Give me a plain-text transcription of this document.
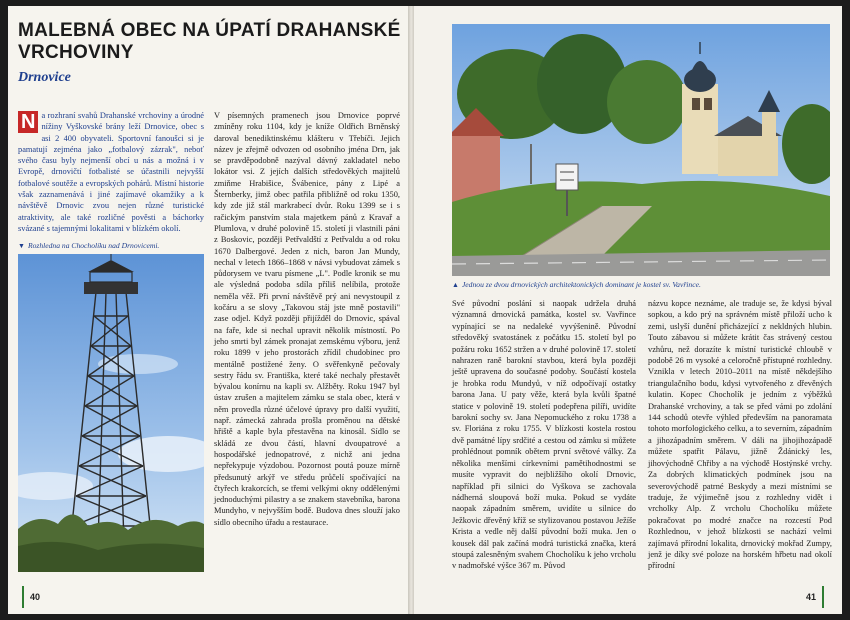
MALEBNÁ OBEC NA ÚPATÍ DRAHANSKÉ VRCHOVINY
Drnovice

N a rozhraní svahů Drahanské vrchoviny a úrodné nížiny Vyškovské brány leží Drnovice, obec s asi 2 400 obyvateli. Sportovní fanoušci si je pamatují zejména jako „fotbalový zázrak", neboť svého času byly nejmenší obcí u nás a možná i v Evropě, drnovičtí fotbalisté se účastnili nejvyšší fotbalové soutěže a evropských pohárů. Místní historie však zaznamenává i jiné zajímavé okamžiky a k návštěvě Drnovic zvou nejen různé turistické atraktivity, ale také rozličné pověsti a báchorky svázané s tajemnými lokalitami v blízkém okolí.

▼ Rozhledna na Chocholíku nad Drnovicemi.

V písemných pramenech jsou Drnovice poprvé zmíněny roku 1104, kdy je kníže Oldřich Brněnský daroval benediktinskému klášteru v Třebíči. Jejich název je zřejmě odvozen od osobního jména Drn, jak se pravděpodobně nazýval dávný zakladatel nebo lokátor vsi. Z jejích dalších středověkých majitelů zmiňme Hrabišice, Švábenice, pány z Lipé a Šternberky, jimž obec patřila přibližně od roku 1350, kdy zde již stál markrabecí dvůr. Roku 1399 se i s račickým panstvím stala majetkem pánů z Kravař a Plumlova, v druhé polovině 15. století ji vlastnili páni z Boskovic, později Petřvaldští z Petřvaldu a od roku 1670 Dalbergové. Jeden z nich, baron Jan Mundy, nechal v letech 1866–1868 v návsi vybudovat zámek s půdorysem ve tvaru písmene „L". Podle kronik se mu ale výsledná podoba sdíla příliš nelíbila, protože neměla věž. Při první návštěvě prý ani nevystoupil z kočáru a se slovy „Takovou stáj jste mně postavili" zase odjel. Když později přijížděl do Drnovic, spával na faře, kde si nechal upravit několik místností. Po jeho smrti byl zámek pronajat zemskému výboru, jenž roku 1899 v jeho prostorách zřídil chudobinec pro mentálně postižené ženy. O svěřenkyně pečovaly sestry řádu sv. Františka, které také nechaly přestavět bývalou konírnu na kapli sv. Alžběty. Roku 1947 byl ústav zrušen a majitelem zámku se stala obec, která v něm provedla různé účelové úpravy pro další využití, např. zámecká zahrada prošla proměnou na dětské hřiště a kaple byla přestavěna na kinosál. Sídlo se skládá ze dvou částí, hlavní dvoupatrové a hospodářské jednopatrové, z nichž ani jedna nepřekypuje výzdobou. Pozornost poutá pouze mírně předsunutý arkýř ve středu průčelí spočívající na čtyřech krakorcích, se třemi velkými okny oddělenými jednoduchými pilastry a se znakem stavebníka, barona Mundyho, v nejvyšším bodě. Budova dnes slouží jako sídlo obecního úřadu a restaurace.

40

▲ Jednou ze dvou drnovických architektonických dominant je kostel sv. Vavřince.

Své původní poslání si naopak udržela druhá významná drnovická památka, kostel sv. Vavřince vypínající se na nedaleké vyvýšenině. Původní středověký svatostánek z počátku 15. století byl po požáru roku 1652 stržen a v druhé polovině 17. století nahrazen raně barokní stavbou, která byla později ještě upravena do současné podoby. Součástí kostela je hrobka rodu Mundyů, v níž odpočívají ostatky barona Jana. U paty věže, která byla kvůli špatné statice v polovině 19. století podepřena pilíři, uvidíte barokní sochy sv. Jana Nepomuckého z roku 1738 a sv. Floriána z roku 1755. V blízkosti kostela rostou dvě památné lípy srdčité a cestou od zámku si můžete prohlédnout pomník obětem první světové války. Za několika menšími církevními pamětihodnostmi se musíte vypravit do nejbližšího okolí Drnovic, například při silnici do Vyškova se zachovala nádherná sloupová boží muka. Pokud se vydáte naopak západním směrem, uvidíte u silnice do Ježkovic dřevěný kříž se stylizovanou postavou Ježíše Krista a vedle něj další původní boží muka. Jen o kousek dál pak začíná modrá turistická značka, která stoupá zalesněným svahem Chocholíku k jeho vrcholu v nadmořské výšce 367 m. Původ

názvu kopce neznáme, ale traduje se, že kdysi býval sopkou, a kdo prý na správném místě přiloží ucho k zemi, uslyší dunění přicházející z nekldných hlubin. Touto zábavou si můžete krátit čas strávený cestou vzhůru, než dorazíte k místní turistické chloubě v podobě 26 m vysoké a celoročně přístupné rozhledny. Vznikla v letech 2010–2011 na místě někdejšího triangulačního bodu, kdysi vytvořeného z dřevěných kulatin. Kopec Chocholík je jedním z výběžků Drahanské vrchoviny, a tak se před vámi po zdolání 144 schodů otevře výhled především na panoramata tohoto morfologického celku, a to severním, západním a jihozápadním směrem. V dáli na jihojihozápadě můžete spatřit Pálavu, jižně Ždánický les, jihovýchodně Chřiby a na východě Hostýnské vrchy. Za dobrých klimatických podmínek jsou na severovýchodě patrné Beskydy a mezi místními se traduje, že výjimečně jsou z rozhledny vidět i vrcholky Alp. Z vrcholu Chocholíku můžete pokračovat po modré značce na rozcestí Pod Rozhlednou, v jehož blízkosti se nachází velmi zajímavá přírodní lokalita, drnovický mokřad Zumpy, jenž je díky své poloze na horském hřbetu nad okolí přírodní

41
